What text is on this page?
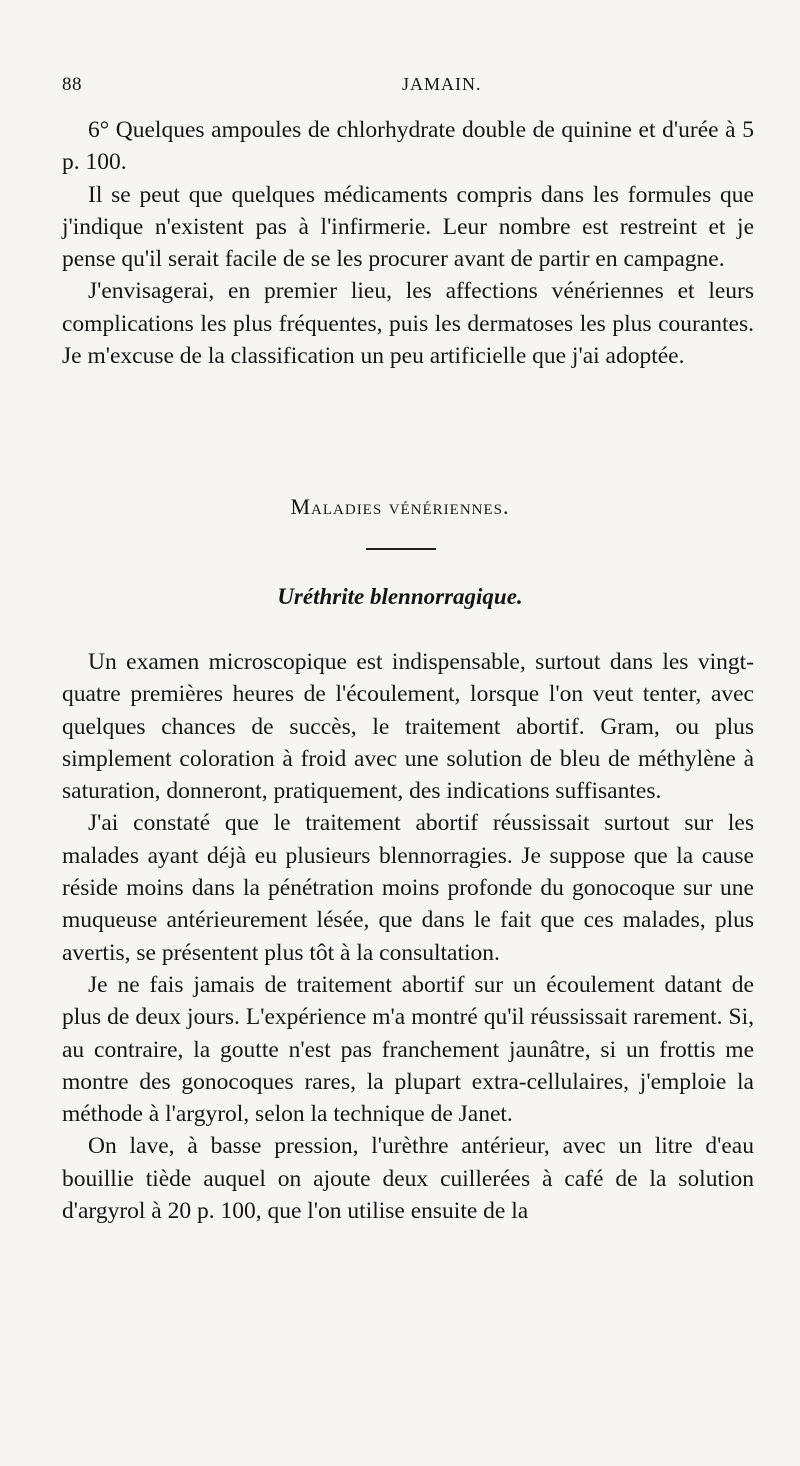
88	JAMAIN.

6° Quelques ampoules de chlorhydrate double de quinine et d'urée à 5 p. 100.

Il se peut que quelques médicaments compris dans les formules que j'indique n'existent pas à l'infirmerie. Leur nombre est restreint et je pense qu'il serait facile de se les procurer avant de partir en campagne.

J'envisagerai, en premier lieu, les affections vénériennes et leurs complications les plus fréquentes, puis les dermatoses les plus courantes. Je m'excuse de la classification un peu artificielle que j'ai adoptée.

Maladies vénériennes.
Uréthrite blennorragique.

Un examen microscopique est indispensable, surtout dans les vingt-quatre premières heures de l'écoulement, lorsque l'on veut tenter, avec quelques chances de succès, le traitement abortif. Gram, ou plus simplement coloration à froid avec une solution de bleu de méthylène à saturation, donneront, pratiquement, des indications suffisantes.

J'ai constaté que le traitement abortif réussissait surtout sur les malades ayant déjà eu plusieurs blennorragies. Je suppose que la cause réside moins dans la pénétration moins profonde du gonocoque sur une muqueuse antérieurement lésée, que dans le fait que ces malades, plus avertis, se présentent plus tôt à la consultation.

Je ne fais jamais de traitement abortif sur un écoulement datant de plus de deux jours. L'expérience m'a montré qu'il réussissait rarement. Si, au contraire, la goutte n'est pas franchement jaunâtre, si un frottis me montre des gonocoques rares, la plupart extra-cellulaires, j'emploie la méthode à l'argyrol, selon la technique de Janet.

On lave, à basse pression, l'urèthre antérieur, avec un litre d'eau bouillie tiède auquel on ajoute deux cuillerées à café de la solution d'argyrol à 20 p. 100, que l'on utilise ensuite de la
